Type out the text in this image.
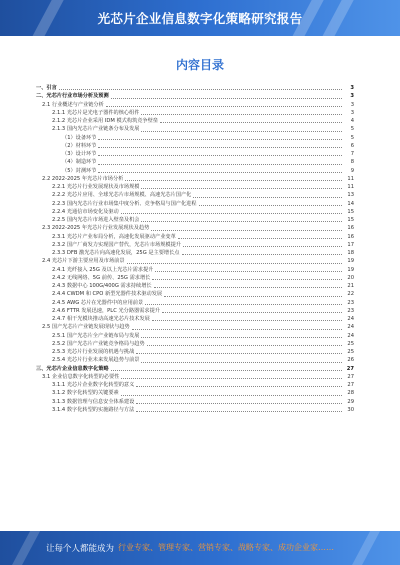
光芯片企业信息数字化策略研究报告
内容目录
一、引言	3
二、光芯片行业市场分析及预测	3
2.1 行业概述与产业链分析	3
2.1.1 光芯片是光电子器件的核心组件	3
2.1.2 光芯片企业采用 IDM 模式构筑竞争壁垒	4
2.1.3 国内光芯片产业链条分布及发展	5
（1）设备环节	5
（2）材料环节	6
（3）设计环节	7
（4）制造环节	8
（5）封测环节	9
2.2 2022-2025 年光芯片市场分析	11
2.2.1 光芯片行业发展现状及市场规模	11
2.2.2 光芯片应用、全球光芯片市场规模、高速光芯片国产化	13
2.2.3 国内光芯片行业市场集中度分析、竞争格局与国产化进程	14
2.2.4 光通信市场变化及驱动	15
2.2.5 国内光芯片市场进入壁垒及机会	15
2.3 2022-2025 年光芯片行业发展现状及趋势	16
2.3.1 光芯片产业布局分析，高速化发展驱动产业变革	16
2.3.2 国产厂商发力实现国产替代，光芯片市场规模提升	17
2.3.3 DFB 激光芯片向高速化发展，25G 是主要增长点	18
2.4 光芯片下游主要应用及市场前景	19
2.4.1 光纤接入 25G 及以上光芯片需求提升	19
2.4.2 无线网络、5G 前传、25G 需求增长	20
2.4.3 数据中心 100G/400G 需求持续增长	21
2.4.4 CWDM 和 CPO 新型光器件技术驱动发展	22
2.4.5 AWG 芯片在光器件中的应用前景	23
2.4.6 FTTR 发展迅速，PLC 光分路器需求提升	23
2.4.7 相干光模块推动高速光芯片技术发展	24
2.5 国产光芯片产业链发展现状与趋势	24
2.5.1 国产光芯片全产业链布局与发展	24
2.5.2 国产光芯片产业链竞争格局与趋势	25
2.5.3 光芯片行业发展的机遇与挑战	25
2.5.4 光芯片行业未来发展趋势与前景	26
三、光芯片企业信息数字化策略	27
3.1 企业信息数字化转型的必要性	27
3.1.1 光芯片企业数字化转型的意义	27
3.1.2 数字化转型的关键要素	28
3.1.3 数据管理与信息安全体系建设	29
3.1.4 数字化转型的实施路径与方法	30
让每个人都能成为 行业专家、管理专家、营销专家、战略专家、成功企业家……
